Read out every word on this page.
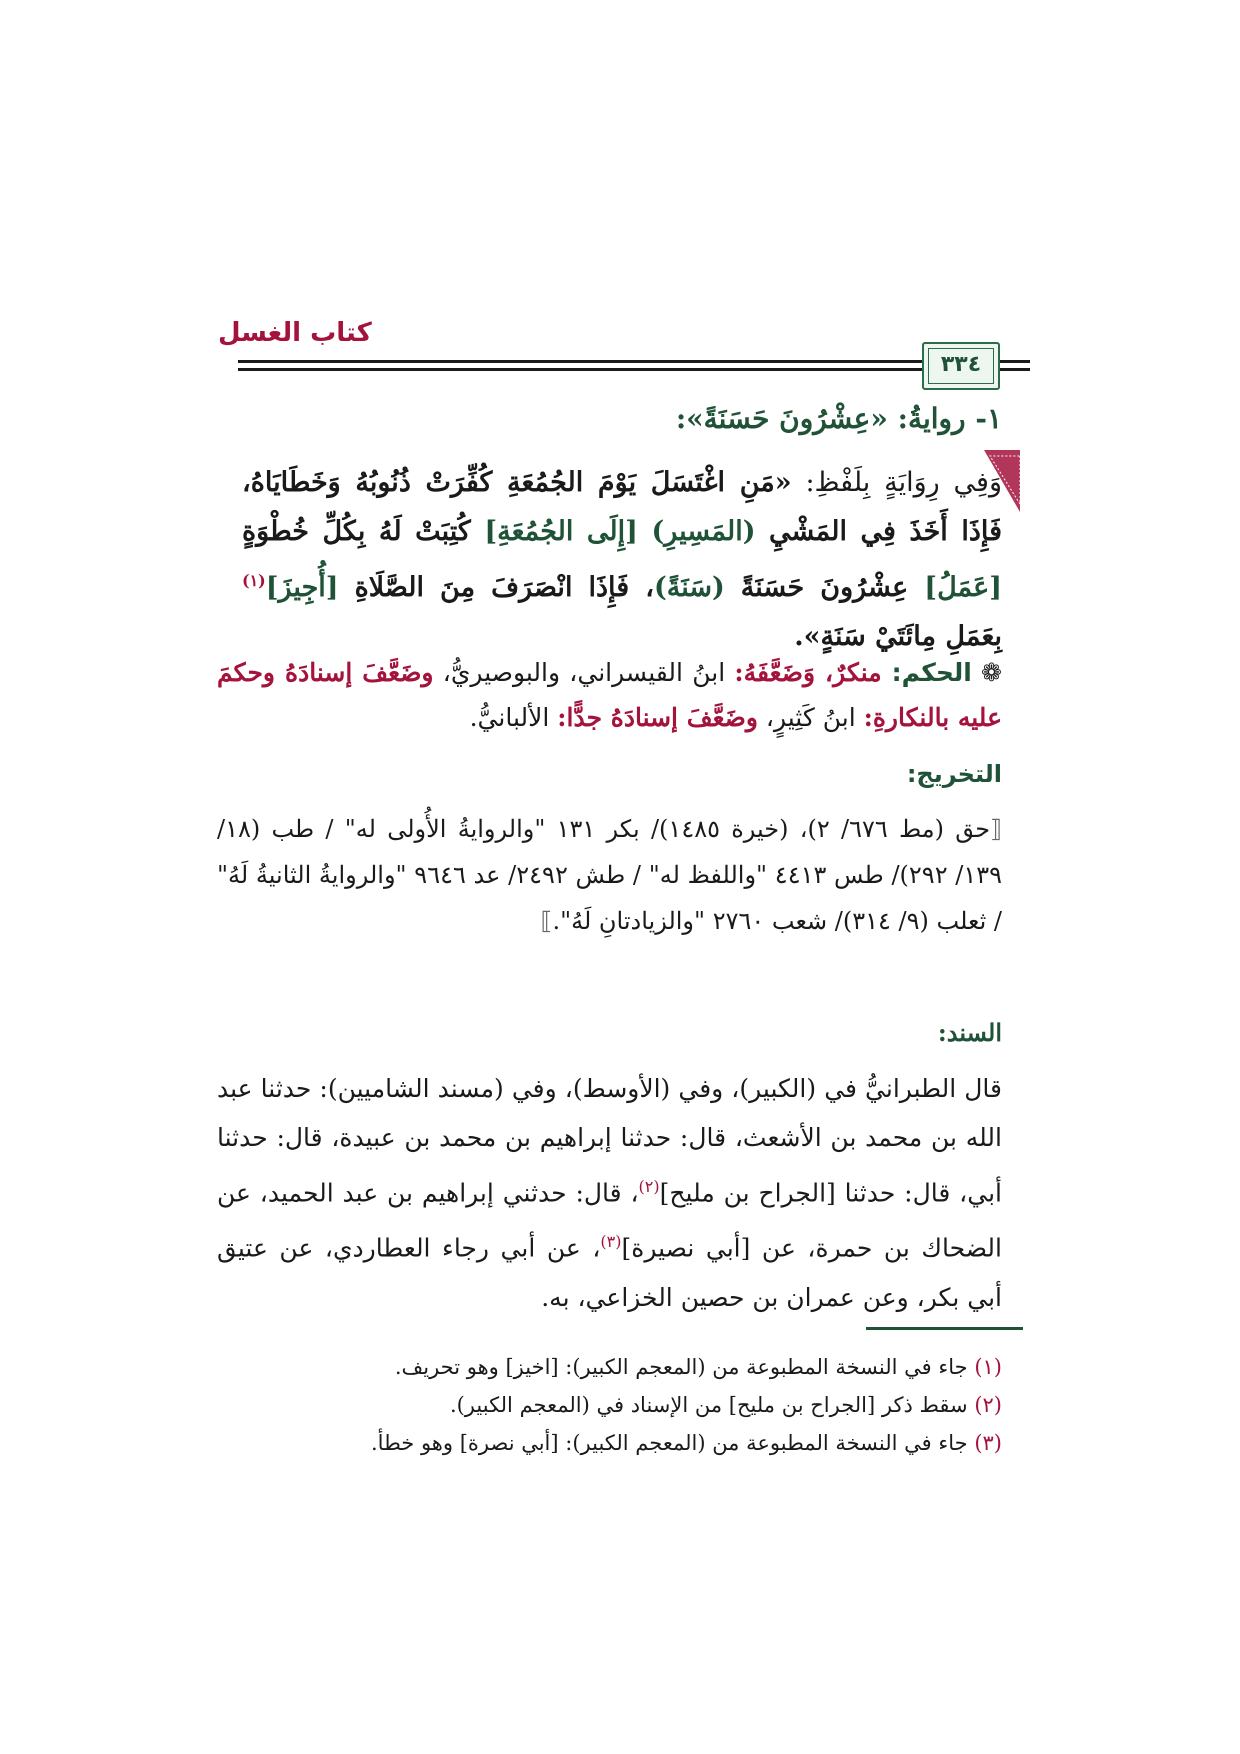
كتاب الغسل
٣٣٤
١- روايةُ: «عِشْرُونَ حَسَنَةً»:
وَفِي رِوَايَةٍ بِلَفْظِ: «مَنِ اغْتَسَلَ يَوْمَ الجُمُعَةِ كُفِّرَتْ ذُنُوبُهُ وَخَطَايَاهُ، فَإِذَا أَخَذَ فِي المَشْيِ (المَسِيرِ) [إِلَى الجُمُعَةِ] كُتِبَتْ لَهُ بِكُلِّ خُطْوَةٍ [عَمَلُ] عِشْرُونَ حَسَنَةً (سَنَةً)، فَإِذَا انْصَرَفَ مِنَ الصَّلَاةِ [أُجِيزَ]$^{(١)}$ بِعَمَلِ مِائَتَيْ سَنَةٍ».
❁ الحكم: منكرٌ، وَضَعَّفَهُ: ابنُ القيسراني، والبوصيريُّ، وضَعَّفَ إسنادَهُ وحكمَ عليه بالنكارةِ: ابنُ كَثِيرٍ، وضَعَّفَ إسنادَهُ جدًّا: الألبانيُّ.
التخريج:
⟦حق (مط ٦٧٦/ ٢)، (خيرة ١٤٨٥)/ بكر ١٣١ "والروايةُ الأُولى له" / طب (١٨/ ١٣٩/ ٢٩٢)/ طس ٤٤١٣ "واللفظ له" / طش ٢٤٩٢/ عد ٩٦٤٦ "والروايةُ الثانيةُ لَهُ" / ثعلب (٩/ ٣١٤)/ شعب ٢٧٦٠ "والزيادتانِ لَهُ".⟧
السند:
قال الطبرانيُّ في (الكبير)، وفي (الأوسط)، وفي (مسند الشاميين): حدثنا عبد الله بن محمد بن الأشعث، قال: حدثنا إبراهيم بن محمد بن عبيدة، قال: حدثنا أبي، قال: حدثنا [الجراح بن مليح]$^{(٢)}$، قال: حدثني إبراهيم بن عبد الحميد، عن الضحاك بن حمرة، عن [أبي نصيرة]$^{(٣)}$، عن أبي رجاء العطاردي، عن عتيق أبي بكر، وعن عمران بن حصين الخزاعي، به.
(١) جاء في النسخة المطبوعة من (المعجم الكبير): [اخيز] وهو تحريف.
(٢) سقط ذكر [الجراح بن مليح] من الإسناد في (المعجم الكبير).
(٣) جاء في النسخة المطبوعة من (المعجم الكبير): [أبي نصرة] وهو خطأ.
